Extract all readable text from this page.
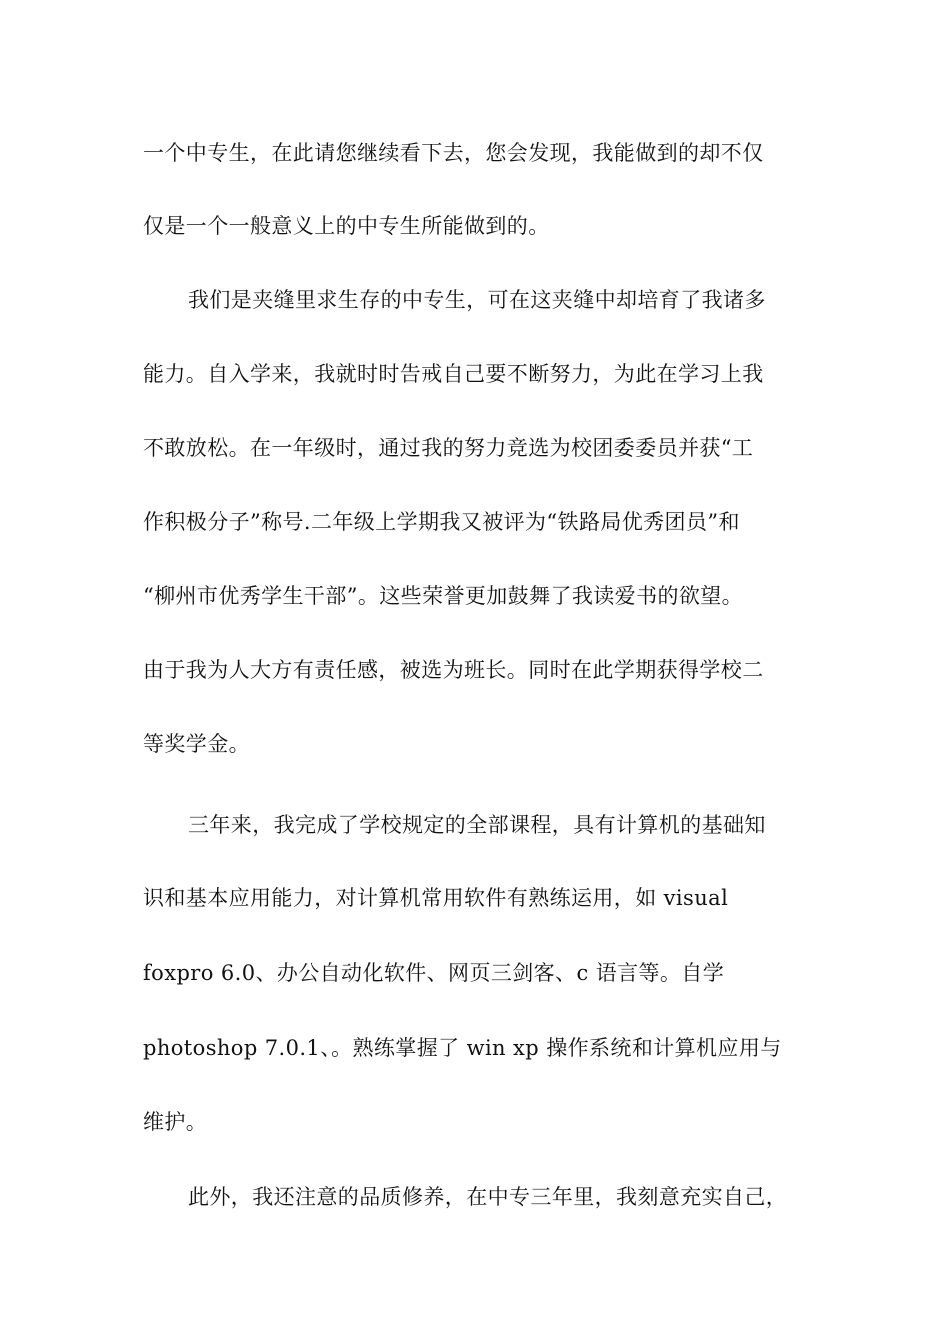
一个中专生，在此请您继续看下去，您会发现，我能做到的却不仅
仅是一个一般意义上的中专生所能做到的。
我们是夹缝里求生存的中专生，可在这夹缝中却培育了我诸多
能力。自入学来，我就时时告戒自己要不断努力，为此在学习上我
不敢放松。在一年级时，通过我的努力竞选为校团委委员并获“工
作积极分子”称号.二年级上学期我又被评为“铁路局优秀团员”和
“柳州市优秀学生干部”。这些荣誉更加鼓舞了我读爱书的欲望。
由于我为人大方有责任感，被选为班长。同时在此学期获得学校二
等奖学金。
三年来，我完成了学校规定的全部课程，具有计算机的基础知
识和基本应用能力，对计算机常用软件有熟练运用，如 visual
foxpro 6.0、办公自动化软件、网页三剑客、c 语言等。自学
photoshop 7.0.1、。熟练掌握了 win xp 操作系统和计算机应用与
维护。
此外，我还注意的品质修养，在中专三年里，我刻意充实自己，
